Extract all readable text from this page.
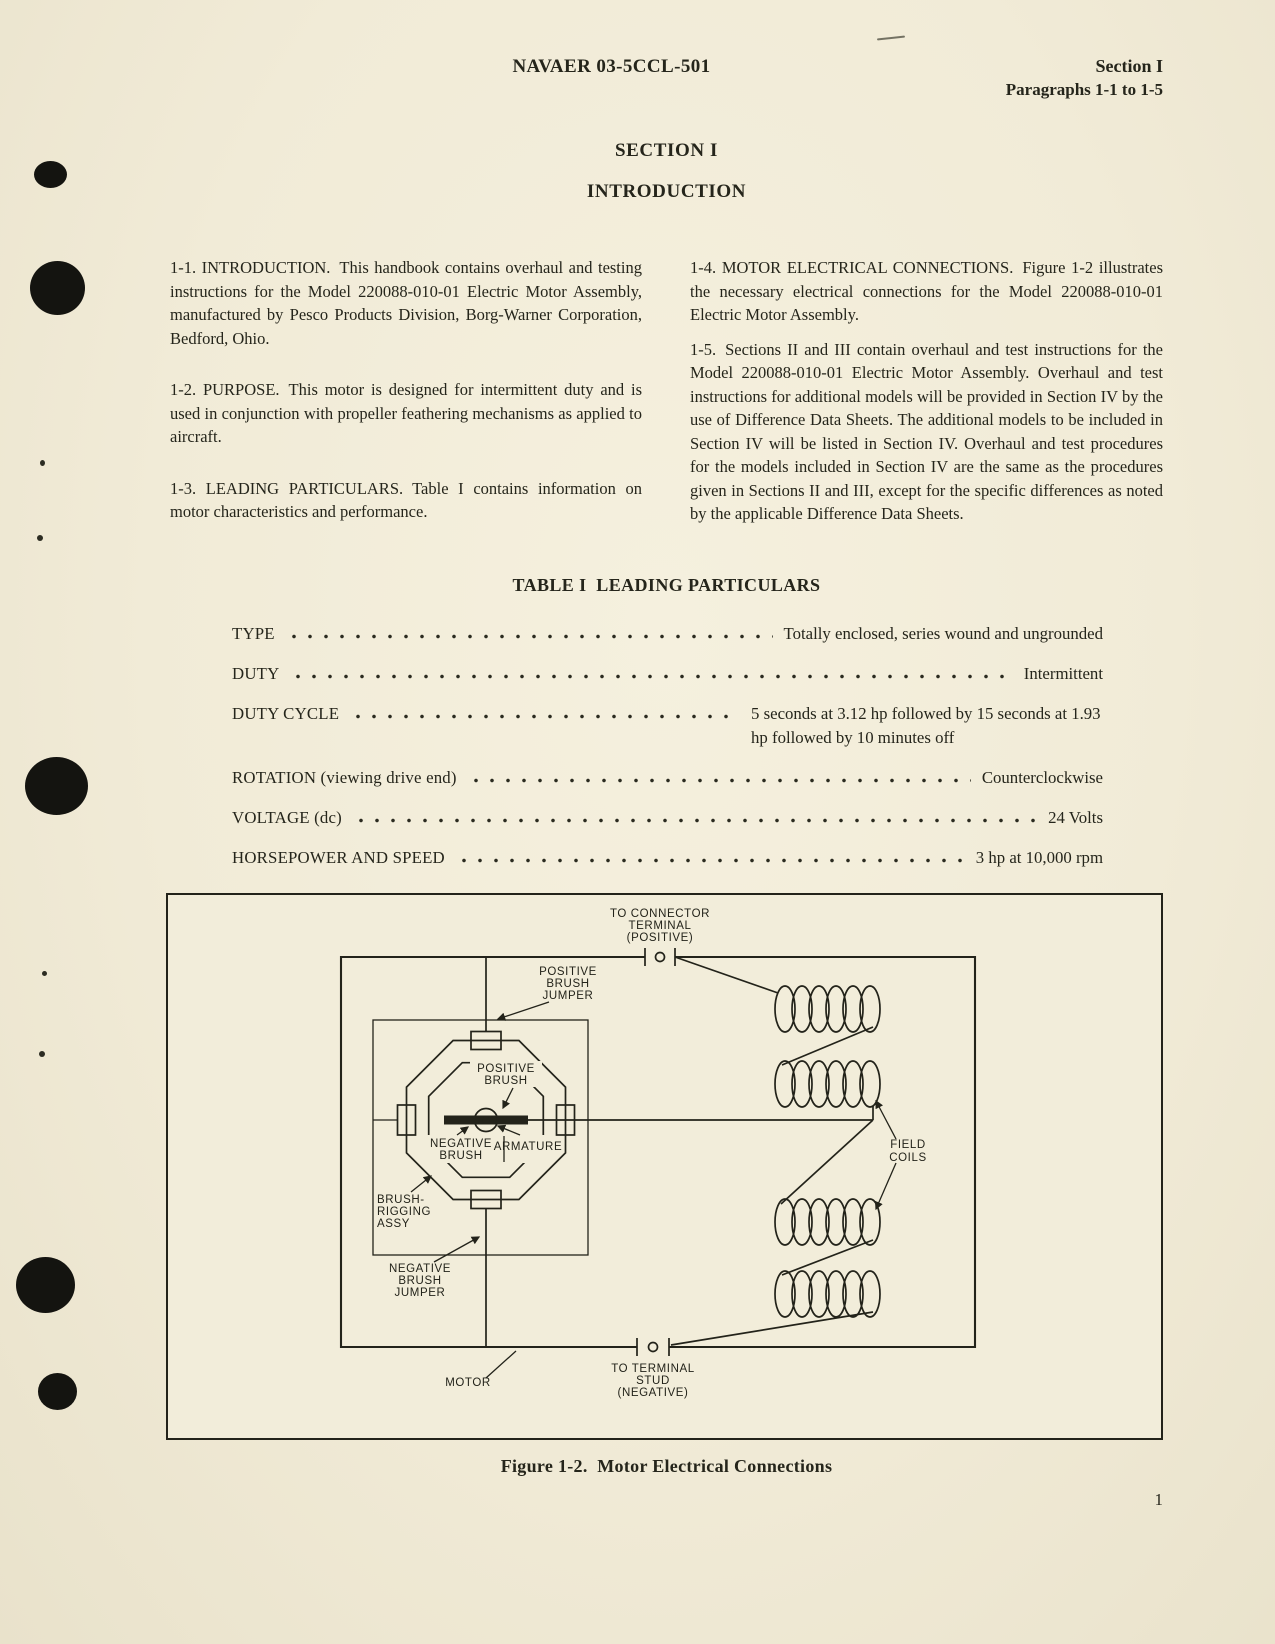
NAVAER 03-5CCL-501	Section I
Paragraphs 1-1 to 1-5
SECTION I
INTRODUCTION

1-1. INTRODUCTION. This handbook contains overhaul and testing instructions for the Model 220088-010-01 Electric Motor Assembly, manufactured by Pesco Products Division, Borg-Warner Corporation, Bedford, Ohio.

1-2. PURPOSE. This motor is designed for intermittent duty and is used in conjunction with propeller feathering mechanisms as applied to aircraft.

1-3. LEADING PARTICULARS. Table I contains information on motor characteristics and performance.

1-4. MOTOR ELECTRICAL CONNECTIONS. Figure 1-2 illustrates the necessary electrical connections for the Model 220088-010-01 Electric Motor Assembly.

1-5. Sections II and III contain overhaul and test instructions for the Model 220088-010-01 Electric Motor Assembly. Overhaul and test instructions for additional models will be provided in Section IV by the use of Difference Data Sheets. The additional models to be included in Section IV will be listed in Section IV. Overhaul and test procedures for the models included in Section IV are the same as the procedures given in Sections II and III, except for the specific differences as noted by the applicable Difference Data Sheets.

TABLE I  LEADING PARTICULARS
TYPE	Totally enclosed, series wound and ungrounded
DUTY	Intermittent
DUTY CYCLE	5 seconds at 3.12 hp followed by 15 seconds at 1.93 hp followed by 10 minutes off
ROTATION (viewing drive end)	Counterclockwise
VOLTAGE (dc)	24 Volts
HORSEPOWER AND SPEED	3 hp at 10,000 rpm
TO CONNECTOR
TERMINAL
(POSITIVE)
POSITIVE
BRUSH
JUMPER
POSITIVE
BRUSH
NEGATIVE
BRUSH
ARMATURE
BRUSH-
RIGGING
ASSY
NEGATIVE
BRUSH
JUMPER
FIELD
COILS
MOTOR
TO TERMINAL
STUD
(NEGATIVE)
Figure 1-2.  Motor Electrical Connections
1
